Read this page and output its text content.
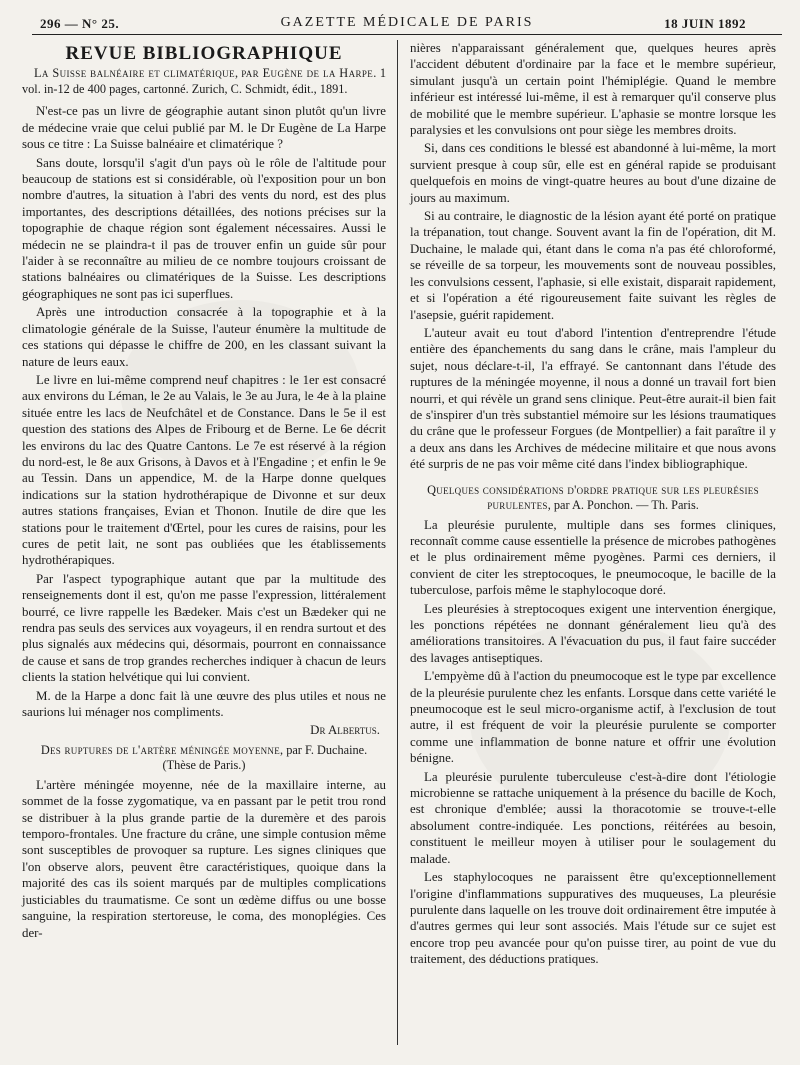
296 — N° 25.	GAZETTE MÉDICALE DE PARIS	18 JUIN 1892
REVUE BIBLIOGRAPHIQUE
La Suisse balnéaire et climatérique, par Eugène de la Harpe. 1 vol. in-12 de 400 pages, cartonné. Zurich, C. Schmidt, édit., 1891.

N'est-ce pas un livre de géographie autant sinon plutôt qu'un livre de médecine vraie que celui publié par M. le Dr Eugène de La Harpe sous ce titre : La Suisse balnéaire et climatérique ?

Sans doute, lorsqu'il s'agit d'un pays où le rôle de l'altitude pour beaucoup de stations est si considérable, où l'exposition pour un bon nombre d'autres, la situation à l'abri des vents du nord, est des plus importantes, des descriptions détaillées, des notions précises sur la topographie de chaque région sont également nécessaires. Aussi le médecin ne se plaindra-t il pas de trouver enfin un guide sûr pour l'aider à se reconnaître au milieu de ce nombre toujours croissant de stations balnéaires ou climatériques de la Suisse. Les descriptions géographiques ne sont pas ici superflues.

Après une introduction consacrée à la topographie et à la climatologie générale de la Suisse, l'auteur énumère la multitude de ces stations qui dépasse le chiffre de 200, en les classant suivant la nature de leurs eaux.

Le livre en lui-même comprend neuf chapitres : le 1er est consacré aux environs du Léman, le 2e au Valais, le 3e au Jura, le 4e à la plaine située entre les lacs de Neufchâtel et de Constance. Dans le 5e il est question des stations des Alpes de Fribourg et de Berne. Le 6e décrit les environs du lac des Quatre Cantons. Le 7e est réservé à la région du nord-est, le 8e aux Grisons, à Davos et à l'Engadine ; et enfin le 9e au Tessin. Dans un appendice, M. de la Harpe donne quelques indications sur la station hydrothérapique de Divonne et sur deux autres stations françaises, Evian et Thonon. Inutile de dire que les stations pour le traitement d'Œrtel, pour les cures de raisins, pour les cures de petit lait, ne sont pas oubliées que les établissements hydrothérapiques.

Par l'aspect typographique autant que par la multitude des renseignements dont il est, qu'on me passe l'expression, littéralement bourré, ce livre rappelle les Bædeker. Mais c'est un Bædeker qui ne rendra pas seuls des services aux voyageurs, il en rendra surtout et des plus signalés aux médecins qui, désormais, pourront en connaissance de cause et sans de trop grandes recherches indiquer à chacun de leurs clients la station helvétique qui lui convient.

M. de la Harpe a donc fait là une œuvre des plus utiles et nous ne saurions lui ménager nos compliments.

Dr Albertus.
Des ruptures de l'artère méningée moyenne, par F. Duchaine.
(Thèse de Paris.)

L'artère méningée moyenne, née de la maxillaire interne, au sommet de la fosse zygomatique, va en passant par le petit trou rond se distribuer à la plus grande partie de la duremère et des parois temporo-frontales. Une fracture du crâne, une simple contusion même sont susceptibles de provoquer sa rupture. Les signes cliniques que l'on observe alors, peuvent être caractéristiques, quoique dans la majorité des cas ils soient marqués par de multiples complications justiciables du traumatisme. Ce sont un œdème diffus ou une bosse sanguine, la respiration stertoreuse, le coma, des monoplégies. Ces der-

nières n'apparaissant généralement que, quelques heures après l'accident débutent d'ordinaire par la face et le membre supérieur, simulant jusqu'à un certain point l'hémiplégie. Quand le membre inférieur est intéressé lui-même, il est à remarquer qu'il conserve plus de mobilité que le membre supérieur. L'aphasie se montre lorsque les paralysies et les convulsions ont pour siège les membres droits.

Si, dans ces conditions le blessé est abandonné à lui-même, la mort survient presque à coup sûr, elle est en général rapide se produisant quelquefois en moins de vingt-quatre heures au bout d'une dizaine de jours au maximum.

Si au contraire, le diagnostic de la lésion ayant été porté on pratique la trépanation, tout change. Souvent avant la fin de l'opération, dit M. Duchaine, le malade qui, étant dans le coma n'a pas été chloroformé, se réveille de sa torpeur, les mouvements sont de nouveau possibles, les convulsions cessent, l'aphasie, si elle existait, disparait rapidement, et si l'opération a été rigoureusement faite suivant les règles de l'asepsie, guérit rapidement.

L'auteur avait eu tout d'abord l'intention d'entreprendre l'étude entière des épanchements du sang dans le crâne, mais l'ampleur du sujet, nous déclare-t-il, l'a effrayé. Se cantonnant dans l'étude des ruptures de la méningée moyenne, il nous a donné un travail fort bien nourri, et qui révèle un grand sens clinique. Peut-être aurait-il bien fait de s'inspirer d'un très substantiel mémoire sur les lésions traumatiques du crâne que le professeur Forgues (de Montpellier) a fait paraître il y a deux ans dans les Archives de médecine militaire et que nous avons été surpris de ne pas voir même cité dans l'index bibliographique.

Quelques considérations d'ordre pratique sur les pleurésies purulentes, par A. Ponchon. — Th. Paris.

La pleurésie purulente, multiple dans ses formes cliniques, reconnaît comme cause essentielle la présence de microbes pathogènes et le plus ordinairement même pyogènes. Parmi ces derniers, il convient de citer les streptocoques, le pneumocoque, le bacille de la tuberculose, parfois même le staphylocoque doré.

Les pleurésies à streptocoques exigent une intervention énergique, les ponctions répétées ne donnant généralement lieu qu'à des améliorations transitoires. A l'évacuation du pus, il faut faire succéder des lavages antiseptiques.

L'empyème dû à l'action du pneumocoque est le type par excellence de la pleurésie purulente chez les enfants. Lorsque dans cette variété le pneumocoque est le seul micro-organisme actif, à l'exclusion de tout autre, il est fréquent de voir la pleurésie purulente se comporter comme une inflammation de bonne nature et offrir une évolution bénigne.

La pleurésie purulente tuberculeuse c'est-à-dire dont l'étiologie microbienne se rattache uniquement à la présence du bacille de Koch, est chronique d'emblée; aussi la thoracotomie se trouve-t-elle absolument contre-indiquée. Les ponctions, réitérées au besoin, constituent le meilleur moyen à utiliser pour le soulagement du malade.

Les staphylocoques ne paraissent être qu'exceptionnellement l'origine d'inflammations suppuratives des muqueuses, La pleurésie purulente dans laquelle on les trouve doit ordinairement être imputée à d'autres germes qui leur sont associés. Mais l'étude sur ce sujet est encore trop peu avancée pour qu'on puisse tirer, au point de vue du traitement, des déductions pratiques.
